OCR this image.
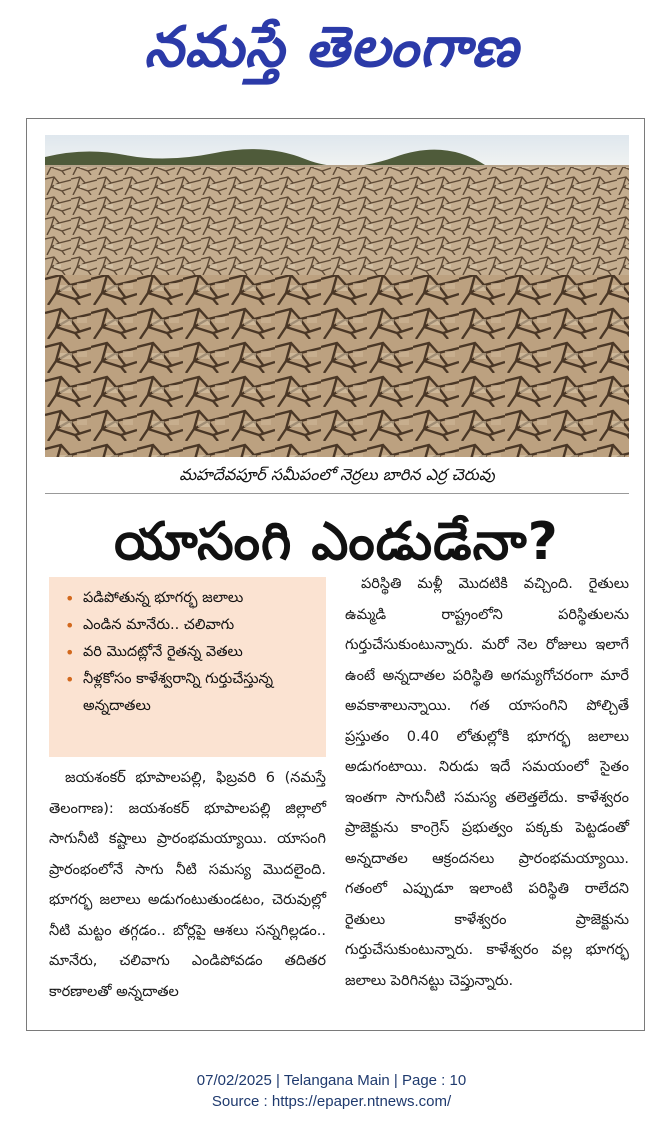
నమస్తే తెలంగాణ
మహదేవపూర్ సమీపంలో నెర్రలు బారిన ఎర్ర చెరువు
యాసంగి ఎండుడేనా?
• పడిపోతున్న భూగర్భ జలాలు
• ఎండిన మానేరు.. చలివాగు
• వరి మొదట్లోనే రైతన్న వెతలు
• నీళ్లకోసం కాళేశ్వరాన్ని గుర్తుచేస్తున్న అన్నదాతలు

జయశంకర్ భూపాలపల్లి, ఫిబ్రవరి 6 (నమస్తే తెలంగాణ): జయశంకర్ భూపాలపల్లి జిల్లాలో సాగునీటి కష్టాలు ప్రారంభమయ్యాయి. యాసంగి ప్రారంభంలోనే సాగు నీటి సమస్య మొదలైంది. భూగర్భ జలాలు అడుగంటుతుండటం, చెరువుల్లో నీటి మట్టం తగ్గడం.. బోర్లపై ఆశలు సన్నగిల్లడం.. మానేరు, చలివాగు ఎండిపోవడం తదితర కారణాలతో అన్నదాతల

పరిస్థితి మళ్లీ మొదటికి వచ్చింది. రైతులు ఉమ్మడి రాష్ట్రంలోని పరిస్థితులను గుర్తుచేసుకుంటున్నారు. మరో నెల రోజులు ఇలాగే ఉంటే అన్నదాతల పరిస్థితి అగమ్యగోచరంగా మారే అవకాశాలున్నాయి. గత యాసంగిని పోల్చితే ప్రస్తుతం 0.40 లోతుల్లోకి భూగర్భ జలాలు అడుగంటాయి. నిరుడు ఇదే సమయంలో సైతం ఇంతగా సాగునీటి సమస్య తలెత్తలేదు. కాళేశ్వరం ప్రాజెక్టును కాంగ్రెస్ ప్రభుత్వం పక్కకు పెట్టడంతో అన్నదాతల ఆక్రందనలు ప్రారంభమయ్యాయి. గతంలో ఎప్పుడూ ఇలాంటి పరిస్థితి రాలేదని రైతులు కాళేశ్వరం ప్రాజెక్టును గుర్తుచేసుకుంటున్నారు. కాళేశ్వరం వల్ల భూగర్భ జలాలు పెరిగినట్టు చెప్తున్నారు.

07/02/2025 | Telangana Main | Page : 10
Source : https://epaper.ntnews.com/
